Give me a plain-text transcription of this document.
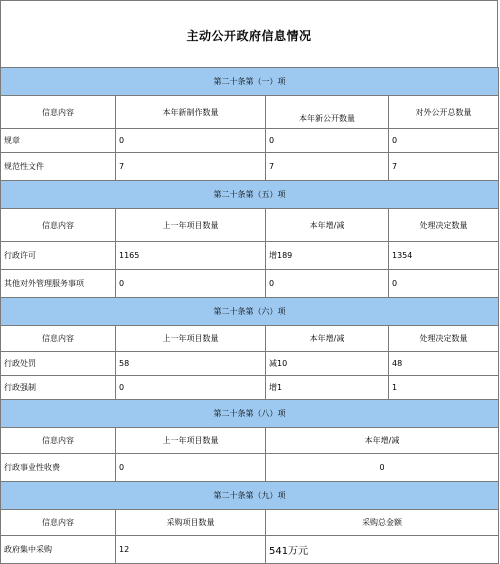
主动公开政府信息情况
第二十条第（一）项			
信息内容	本年新制作数量	本年新公开数量	对外公开总数量
规章	0	0	0
规范性文件	7	7	7
第二十条第（五）项			
信息内容	上一年项目数量	本年增/减	处理决定数量
行政许可	1165	增189	1354
其他对外管理服务事项	0	0	0
第二十条第（六）项			
信息内容	上一年项目数量	本年增/减	处理决定数量
行政处罚	58	减10	48
行政强制	0	增1	1
第二十条第（八）项			
信息内容	上一年项目数量	本年增/减	
行政事业性收费	0	0	
第二十条第（九）项			
信息内容	采购项目数量	采购总金额	
政府集中采购	12	541万元	
